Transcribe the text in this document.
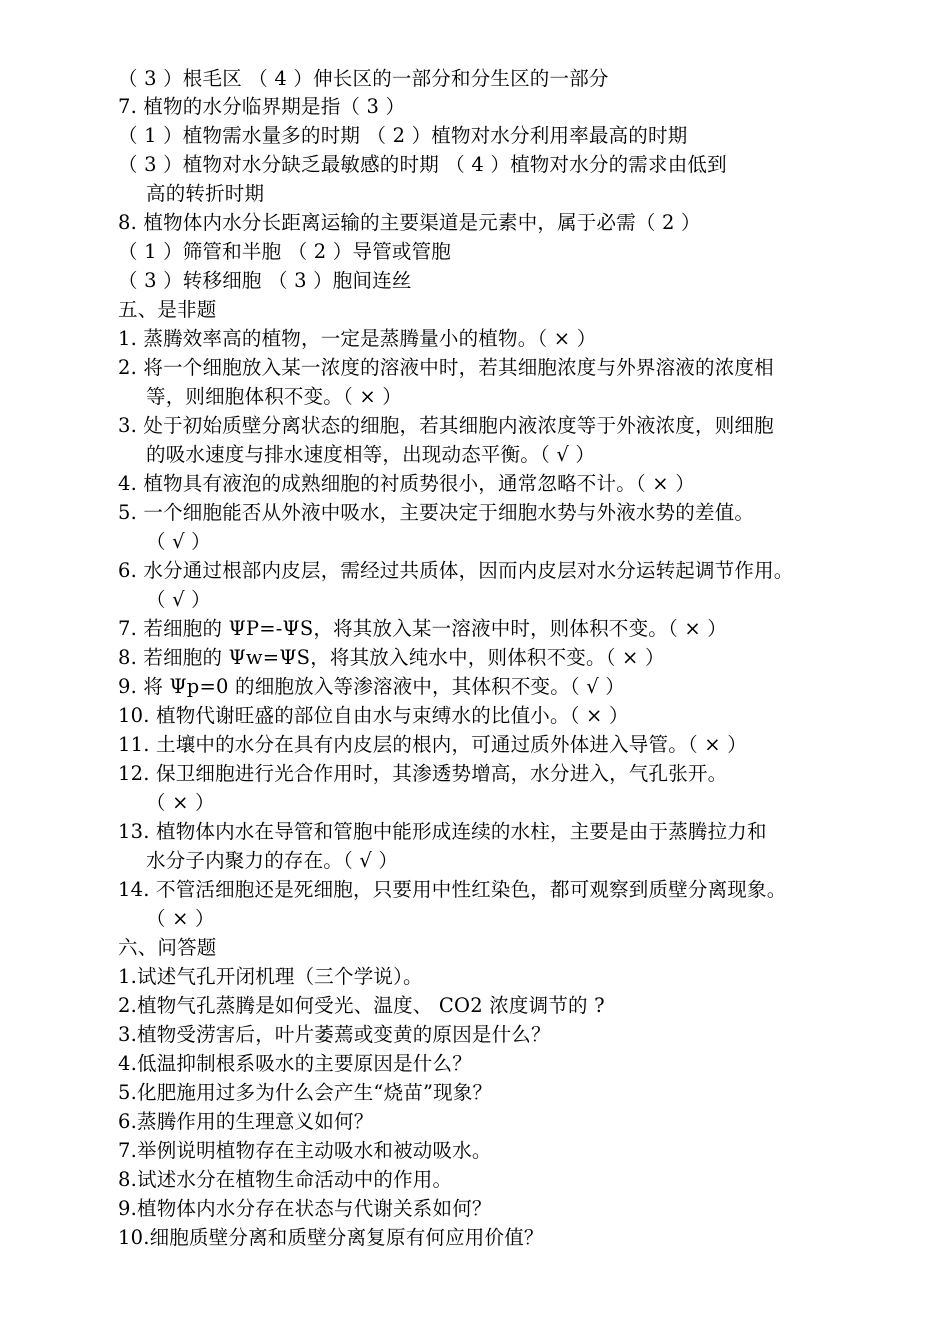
（ 3 ）根毛区 （ 4 ）伸长区的一部分和分生区的一部分
7. 植物的水分临界期是指（ 3 ）
（ 1 ）植物需水量多的时期 （ 2 ）植物对水分利用率最高的时期
（ 3 ）植物对水分缺乏最敏感的时期 （ 4 ）植物对水分的需求由低到
高的转折时期
8. 植物体内水分长距离运输的主要渠道是元素中，属于必需（ 2 ）
（ 1 ）筛管和半胞 （ 2 ）导管或管胞
（ 3 ）转移细胞 （ 3 ）胞间连丝
五、是非题
1. 蒸腾效率高的植物，一定是蒸腾量小的植物。（ × ）
2. 将一个细胞放入某一浓度的溶液中时，若其细胞浓度与外界溶液的浓度相
等，则细胞体积不变。（ × ）
3. 处于初始质壁分离状态的细胞，若其细胞内液浓度等于外液浓度，则细胞
的吸水速度与排水速度相等，出现动态平衡。（ √ ）
4. 植物具有液泡的成熟细胞的衬质势很小，通常忽略不计。（ × ）
5. 一个细胞能否从外液中吸水，主要决定于细胞水势与外液水势的差值。
（ √ ）
6. 水分通过根部内皮层，需经过共质体，因而内皮层对水分运转起调节作用。
（ √ ）
7. 若细胞的 ΨP=-ΨS，将其放入某一溶液中时，则体积不变。（ × ）
8. 若细胞的 Ψw=ΨS，将其放入纯水中，则体积不变。（ × ）
9. 将 Ψp=0 的细胞放入等渗溶液中，其体积不变。（ √ ）
10. 植物代谢旺盛的部位自由水与束缚水的比值小。（ × ）
11. 土壤中的水分在具有内皮层的根内，可通过质外体进入导管。（ × ）
12. 保卫细胞进行光合作用时，其渗透势增高，水分进入，气孔张开。
（ × ）
13. 植物体内水在导管和管胞中能形成连续的水柱，主要是由于蒸腾拉力和
水分子内聚力的存在。（ √ ）
14. 不管活细胞还是死细胞，只要用中性红染色，都可观察到质壁分离现象。
（ × ）
六、问答题
1.试述气孔开闭机理（三个学说）。
2.植物气孔蒸腾是如何受光、温度、 CO2 浓度调节的 ?
3.植物受涝害后，叶片萎蔫或变黄的原因是什么？
4.低温抑制根系吸水的主要原因是什么？
5.化肥施用过多为什么会产生“烧苗”现象？
6.蒸腾作用的生理意义如何？
7.举例说明植物存在主动吸水和被动吸水。
8.试述水分在植物生命活动中的作用。
9.植物体内水分存在状态与代谢关系如何？
10.细胞质壁分离和质壁分离复原有何应用价值？
